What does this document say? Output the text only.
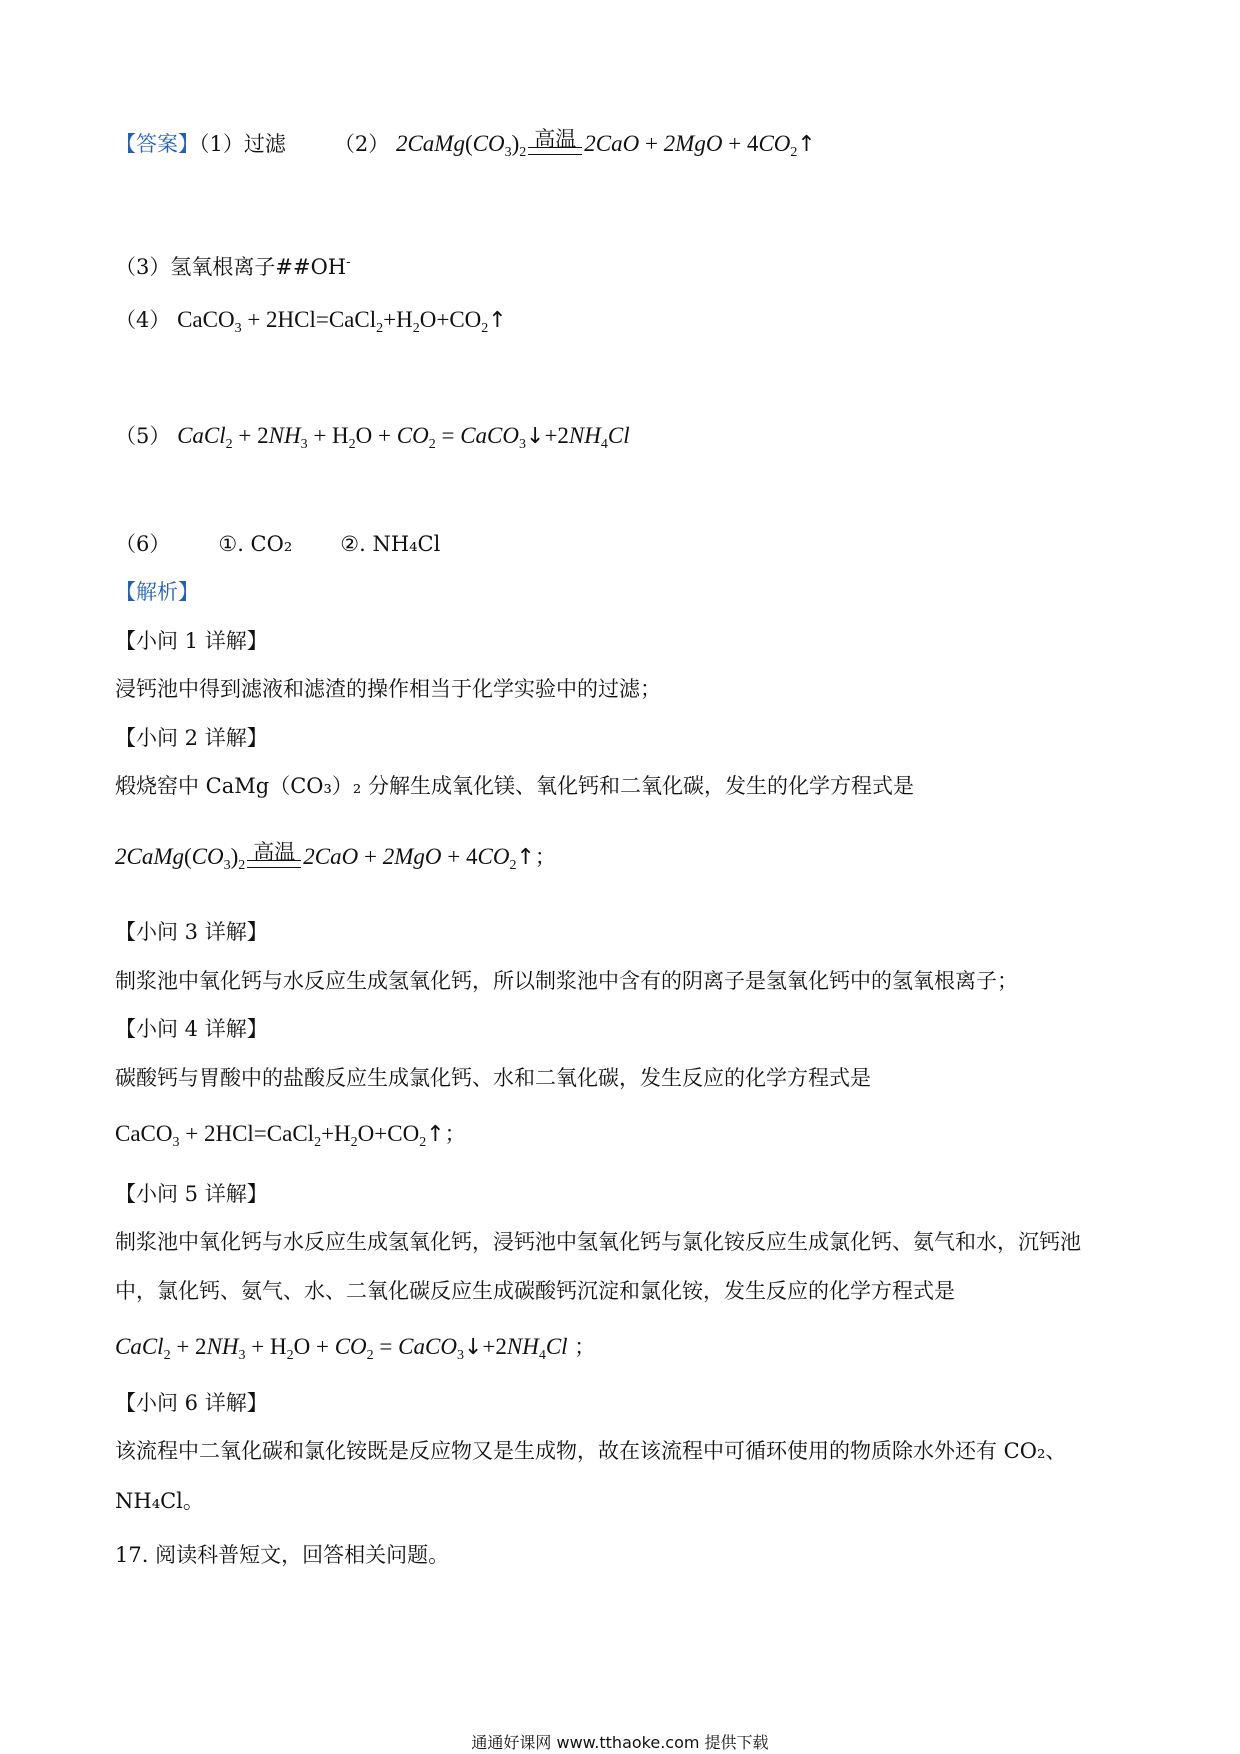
【答案】（1）过滤 （2） $2CaMg(CO_3)_2$
高温 $2CaO + 2MgO + 4CO_2↑$
（3）氢氧根离子##OH-
（4） CaCO$_3$ + $2HCl=CaCl_2+H_2O+CO_2↑$
（5） CaCl$_2$ + $2NH_3 + H_2O + CO_2$ = $CaCO_3↓+2NH_4Cl$
（6） ①. CO₂ ②. NH₄Cl
【解析】
【小问 1 详解】
浸钙池中得到滤液和滤渣的操作相当于化学实验中的过滤；
【小问 2 详解】
煅烧窑中 CaMg（CO₃）₂ 分解生成氧化镁、氧化钙和二氧化碳，发生的化学方程式是
$2CaMg(CO_3)_2$
高温 $2CaO + 2MgO + 4CO_2↑$；
【小问 3 详解】
制浆池中氧化钙与水反应生成氢氧化钙，所以制浆池中含有的阴离子是氢氧化钙中的氢氧根离子；
【小问 4 详解】
碳酸钙与胃酸中的盐酸反应生成氯化钙、水和二氧化碳，发生反应的化学方程式是
CaCO$_3$ + $2HCl=CaCl_2+H_2O+CO_2↑$；
【小问 5 详解】
制浆池中氧化钙与水反应生成氢氧化钙，浸钙池中氢氧化钙与氯化铵反应生成氯化钙、氨气和水，沉钙池
中，氯化钙、氨气、水、二氧化碳反应生成碳酸钙沉淀和氯化铵，发生反应的化学方程式是
CaCl$_2$ + $2NH_3 + H_2O + CO_2$ = $CaCO_3↓+2NH_4Cl$ ；
【小问 6 详解】
该流程中二氧化碳和氯化铵既是反应物又是生成物，故在该流程中可循环使用的物质除水外还有 CO₂、
NH₄Cl。
17. 阅读科普短文，回答相关问题。
通通好课网 www.tthaoke.com 提供下载
